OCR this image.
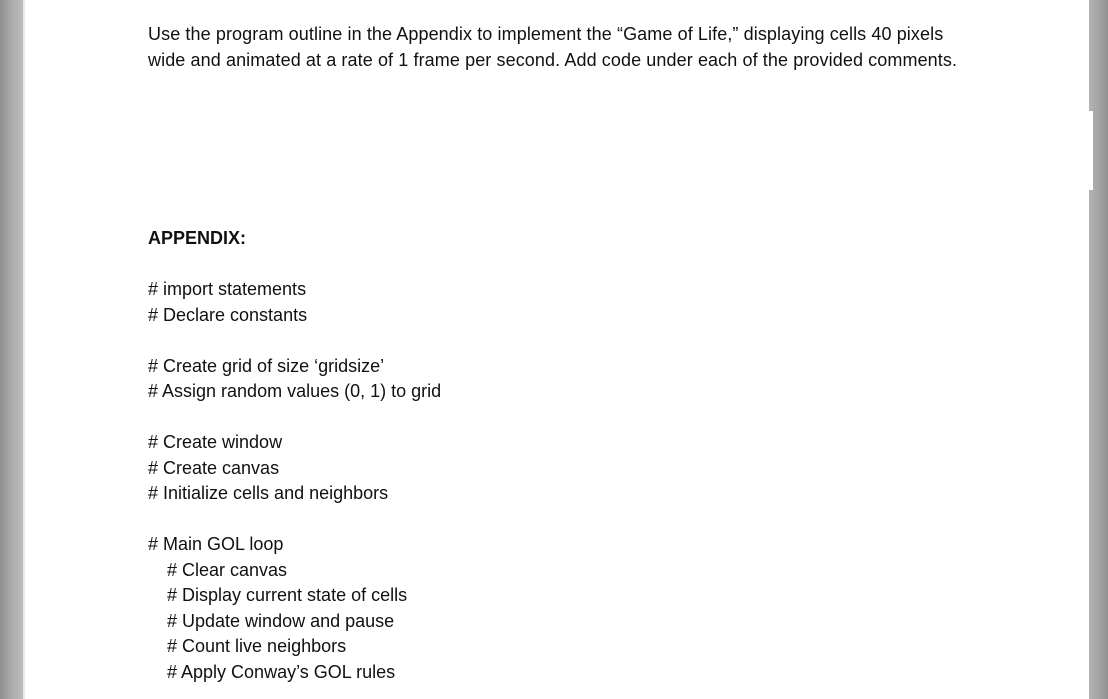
Use the program outline in the Appendix to implement the “Game of Life,” displaying cells 40 pixels wide and animated at a rate of 1 frame per second. Add code under each of the provided comments.

APPENDIX:

# import statements
# Declare constants
# Create grid of size ‘gridsize’
# Assign random values (0, 1) to grid
# Create window
# Create canvas
# Initialize cells and neighbors
# Main GOL loop
# Clear canvas
# Display current state of cells
# Update window and pause
# Count live neighbors
# Apply Conway’s GOL rules
